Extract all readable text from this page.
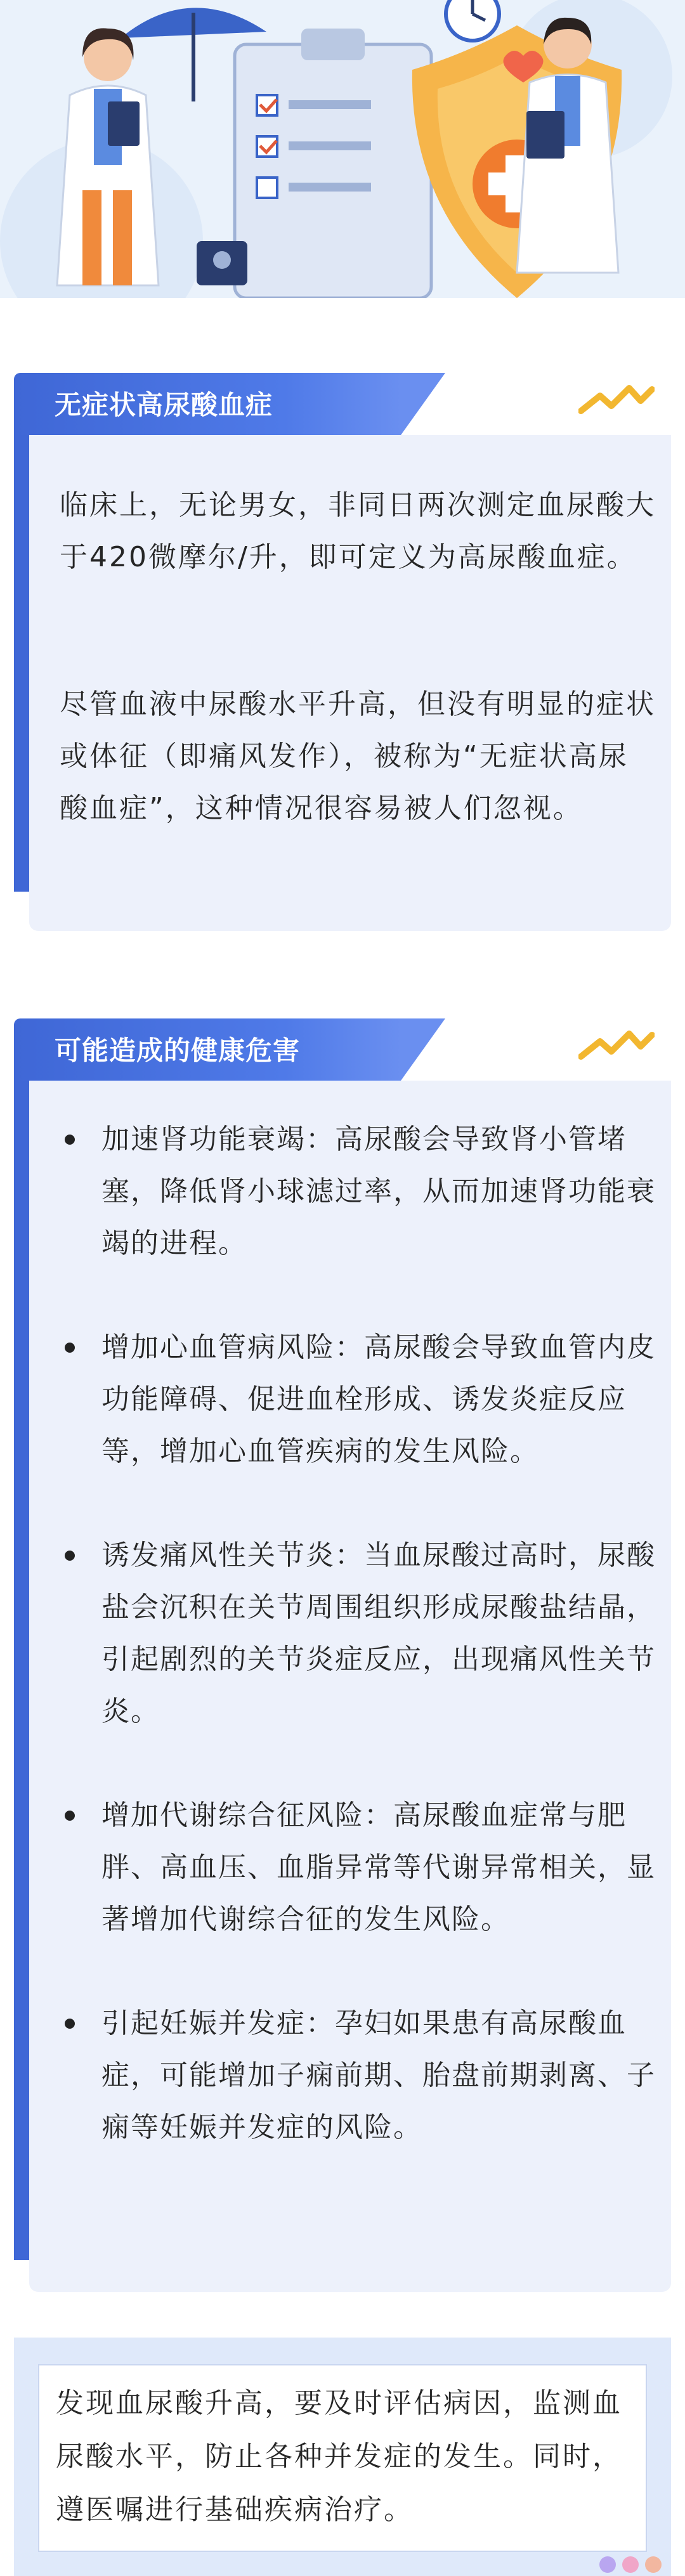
无症状高尿酸血症
临床上，无论男女，非同日两次测定血尿酸大于420微摩尔/升，即可定义为高尿酸血症。
尽管血液中尿酸水平升高，但没有明显的症状或体征（即痛风发作），被称为“无症状高尿酸血症”，这种情况很容易被人们忽视。
可能造成的健康危害
加速肾功能衰竭：高尿酸会导致肾小管堵塞，降低肾小球滤过率，从而加速肾功能衰竭的进程。
增加心血管病风险：高尿酸会导致血管内皮功能障碍、促进血栓形成、诱发炎症反应等，增加心血管疾病的发生风险。
诱发痛风性关节炎：当血尿酸过高时，尿酸盐会沉积在关节周围组织形成尿酸盐结晶，引起剧烈的关节炎症反应，出现痛风性关节炎。
增加代谢综合征风险：高尿酸血症常与肥胖、高血压、血脂异常等代谢异常相关，显著增加代谢综合征的发生风险。
引起妊娠并发症：孕妇如果患有高尿酸血症，可能增加子痫前期、胎盘前期剥离、子痫等妊娠并发症的风险。
发现血尿酸升高，要及时评估病因，监测血尿酸水平，防止各种并发症的发生。同时，遵医嘱进行基础疾病治疗。
